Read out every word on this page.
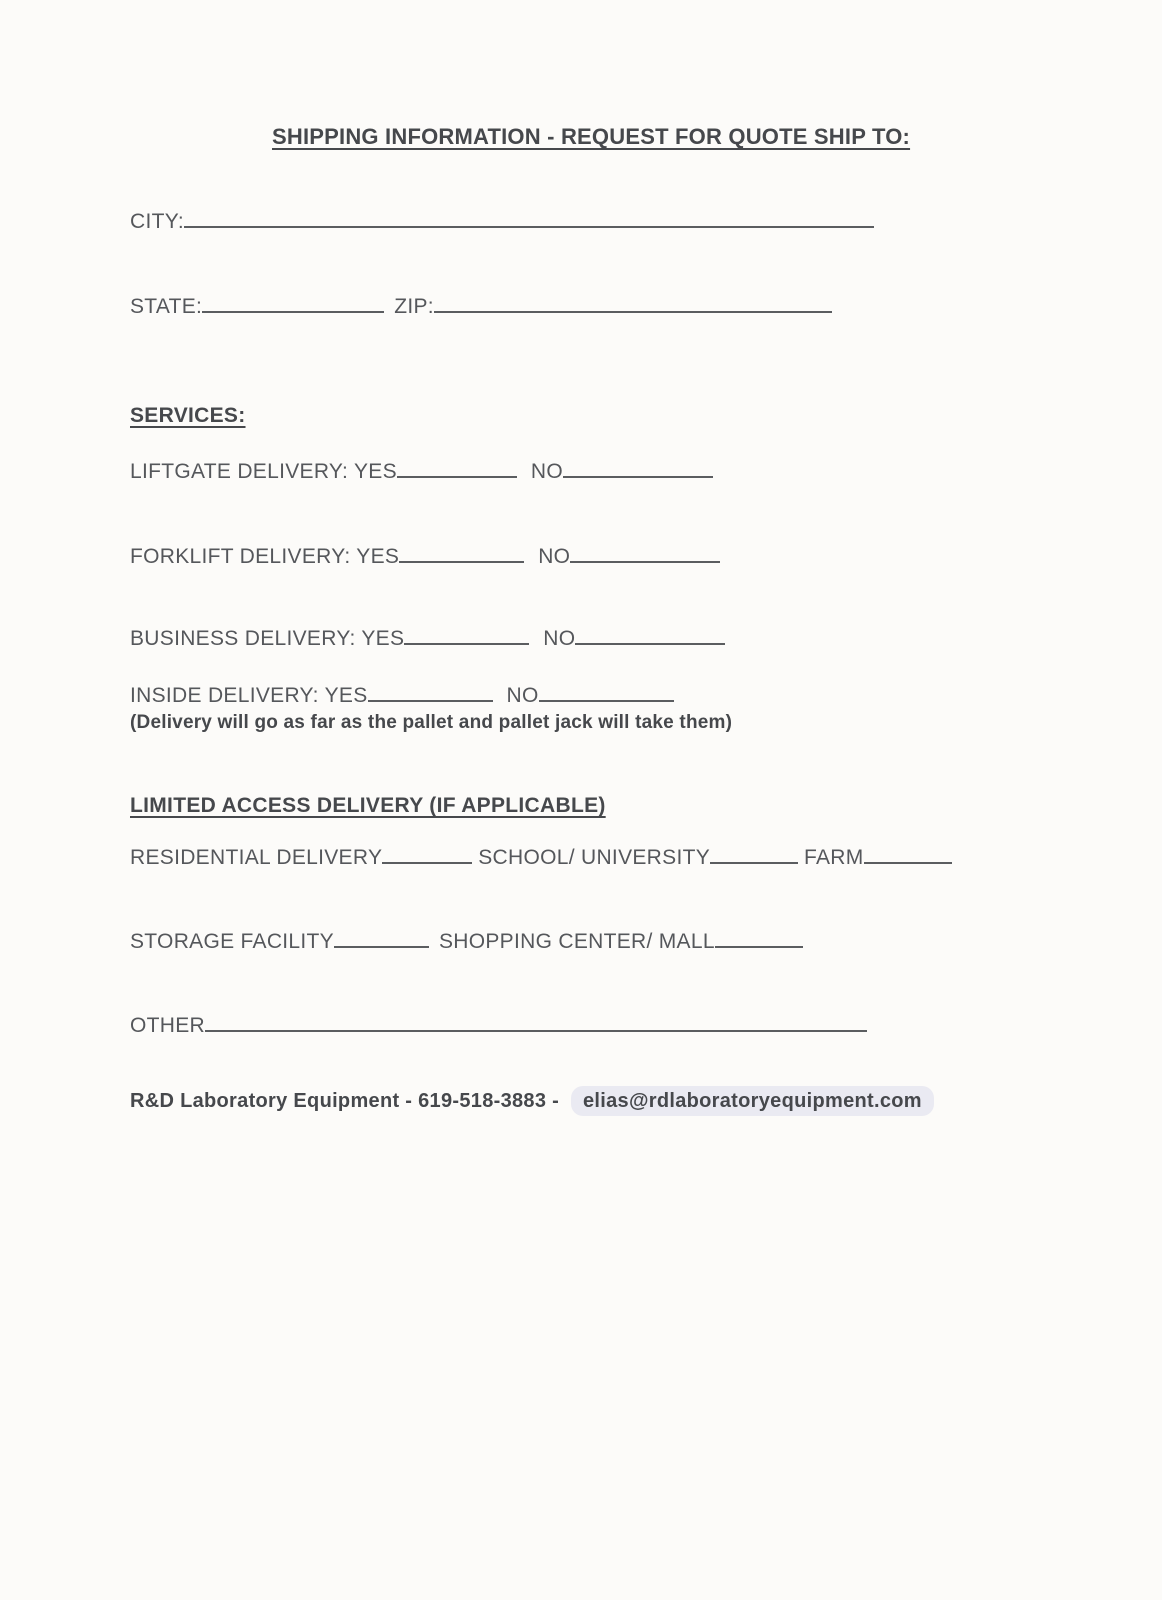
SHIPPING INFORMATION - REQUEST FOR QUOTE SHIP TO:
CITY:
STATE:	ZIP:
SERVICES:
LIFTGATE DELIVERY: YES	NO
FORKLIFT DELIVERY: YES	NO
BUSINESS DELIVERY: YES	NO
INSIDE DELIVERY: YES	NO
(Delivery will go as far as the pallet and pallet jack will take them)
LIMITED ACCESS DELIVERY (IF APPLICABLE)
RESIDENTIAL DELIVERY	SCHOOL/ UNIVERSITY	FARM
STORAGE FACILITY	SHOPPING CENTER/ MALL
OTHER
R&D Laboratory Equipment - 619-518-3883 - elias@rdlaboratoryequipment.com
